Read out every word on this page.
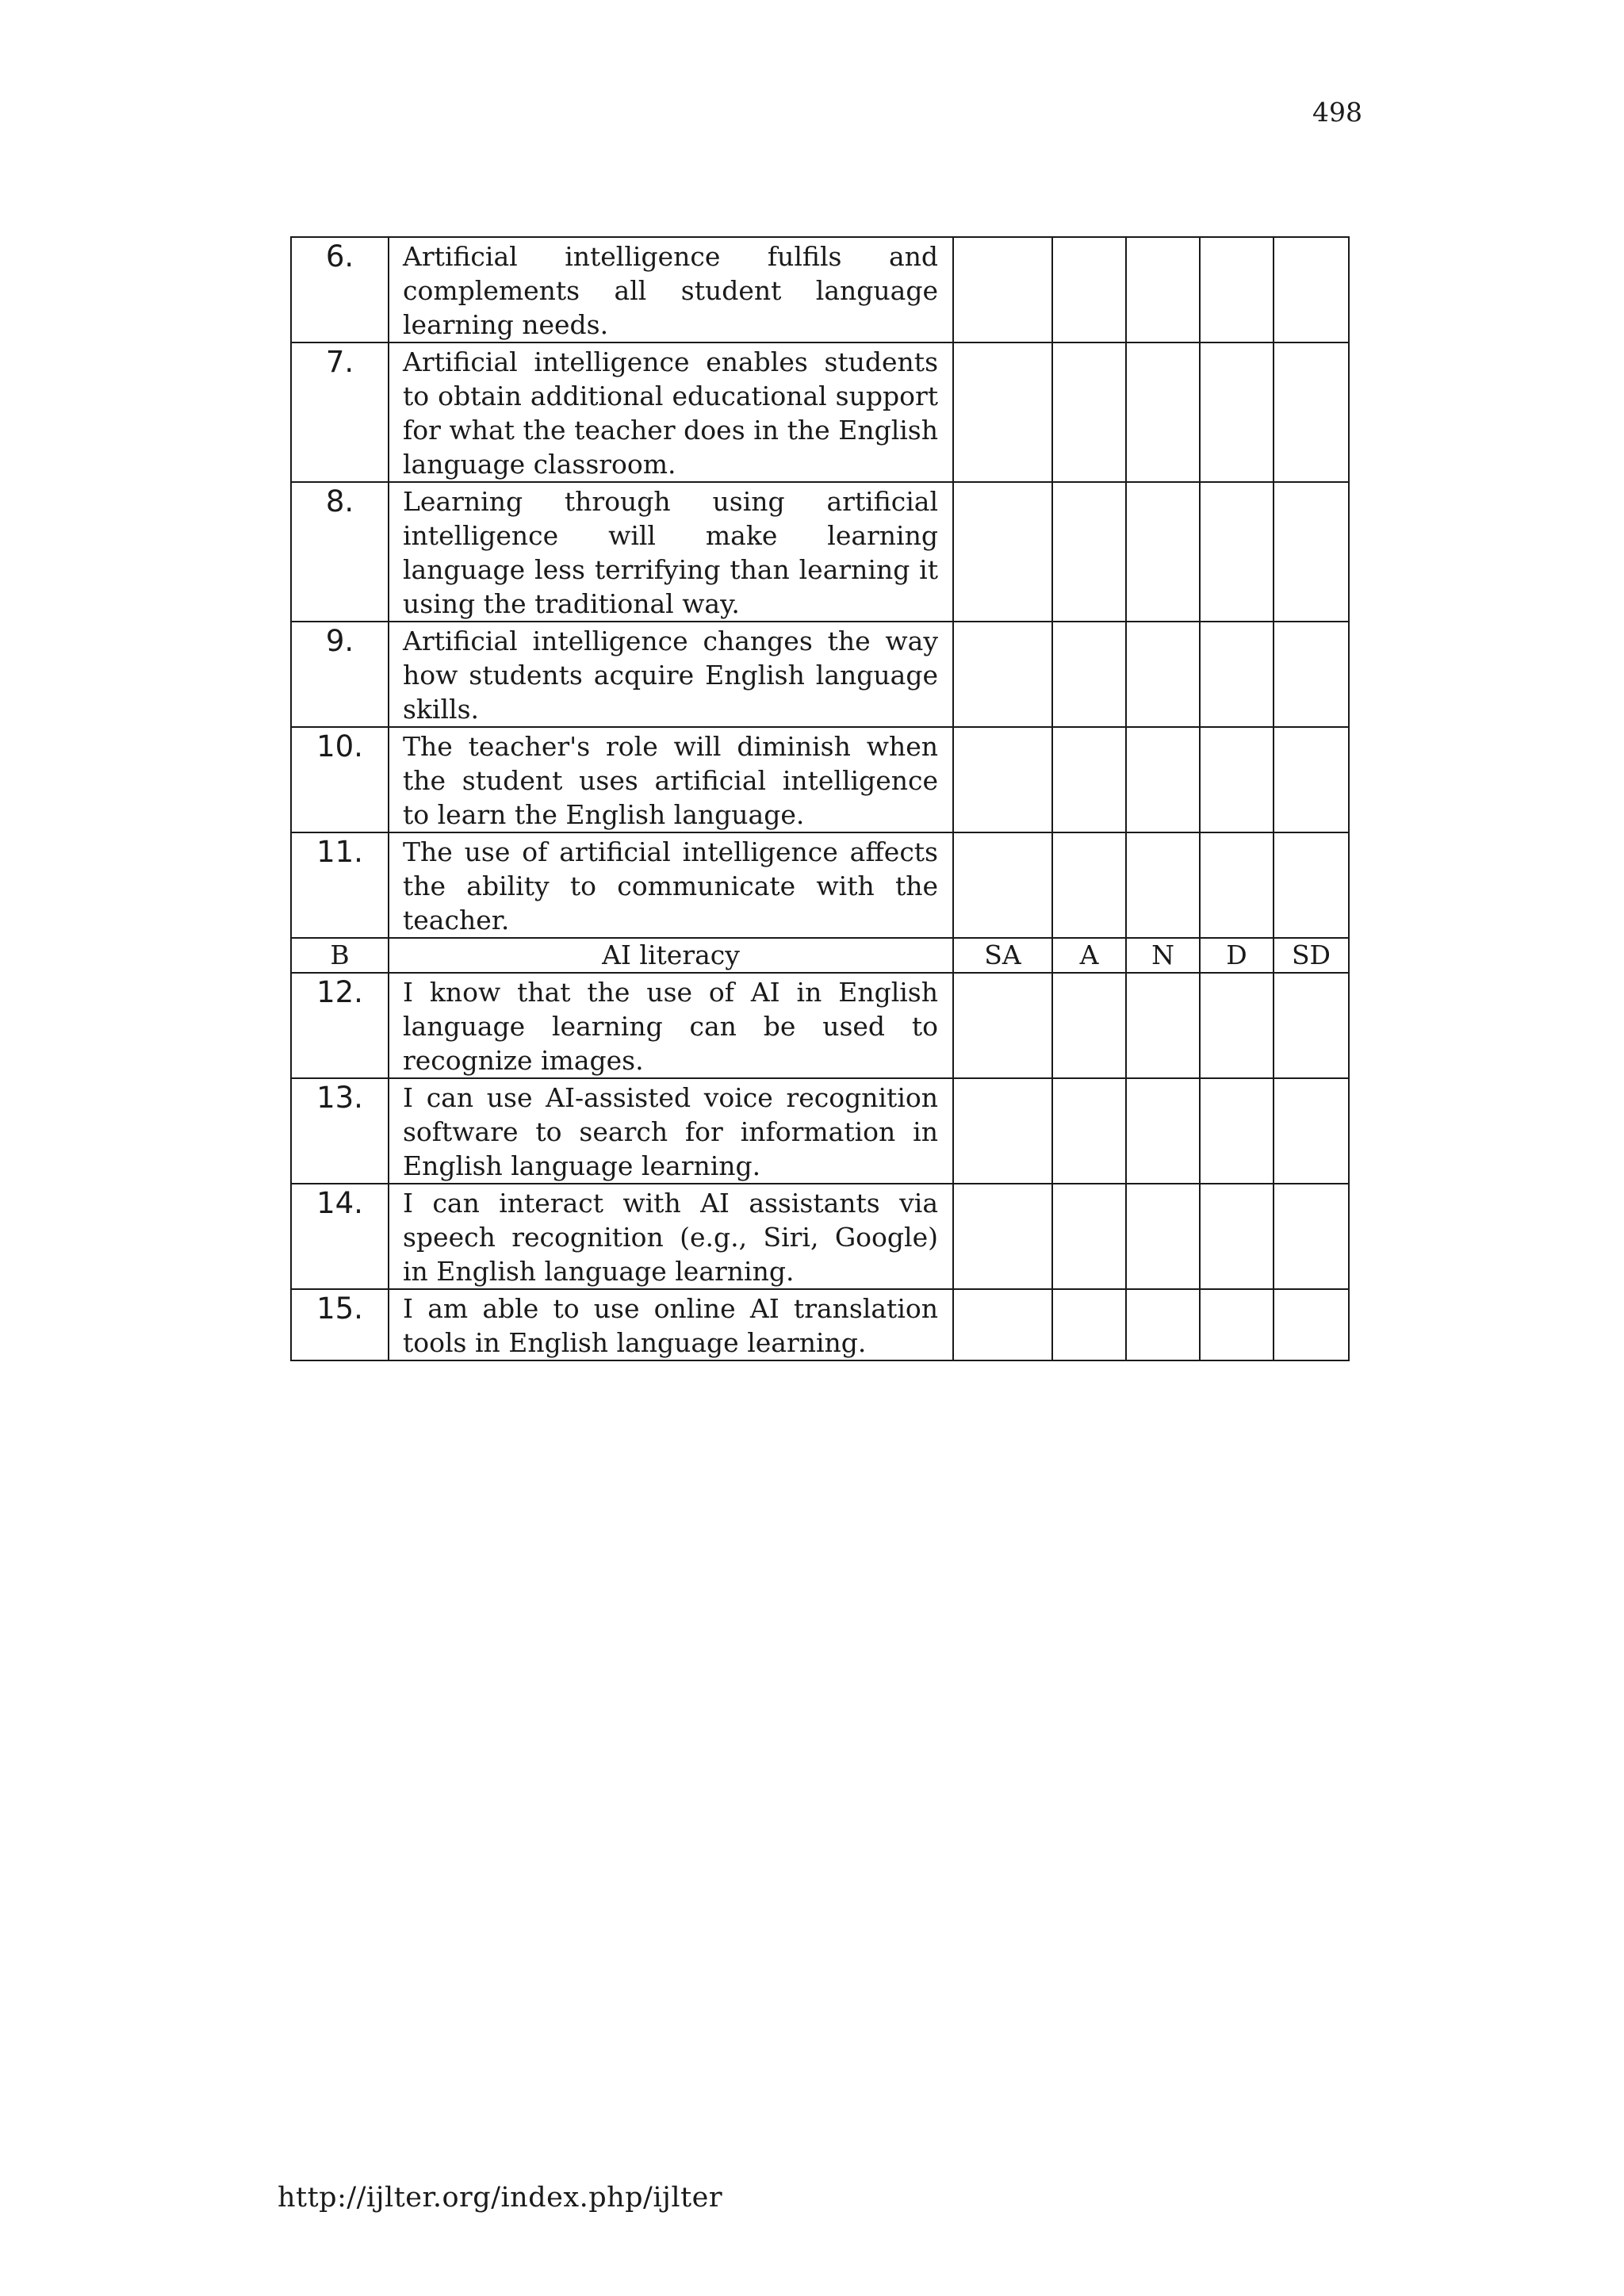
498
6.	Artificial intelligence fulfils and complements all student language learning needs.					
7.	Artificial intelligence enables students to obtain additional educational support for what the teacher does in the English language classroom.					
8.	Learning through using artificial intelligence will make learning language less terrifying than learning it using the traditional way.					
9.	Artificial intelligence changes the way how students acquire English language skills.					
10.	The teacher's role will diminish when the student uses artificial intelligence to learn the English language.					
11.	The use of artificial intelligence affects the ability to communicate with the teacher.					
B	AI literacy	SA	A	N	D	SD
12.	I know that the use of AI in English language learning can be used to recognize images.					
13.	I can use AI-assisted voice recognition software to search for information in English language learning.					
14.	I can interact with AI assistants via speech recognition (e.g., Siri, Google) in English language learning.					
15.	I am able to use online AI translation tools in English language learning.					
http://ijlter.org/index.php/ijlter
